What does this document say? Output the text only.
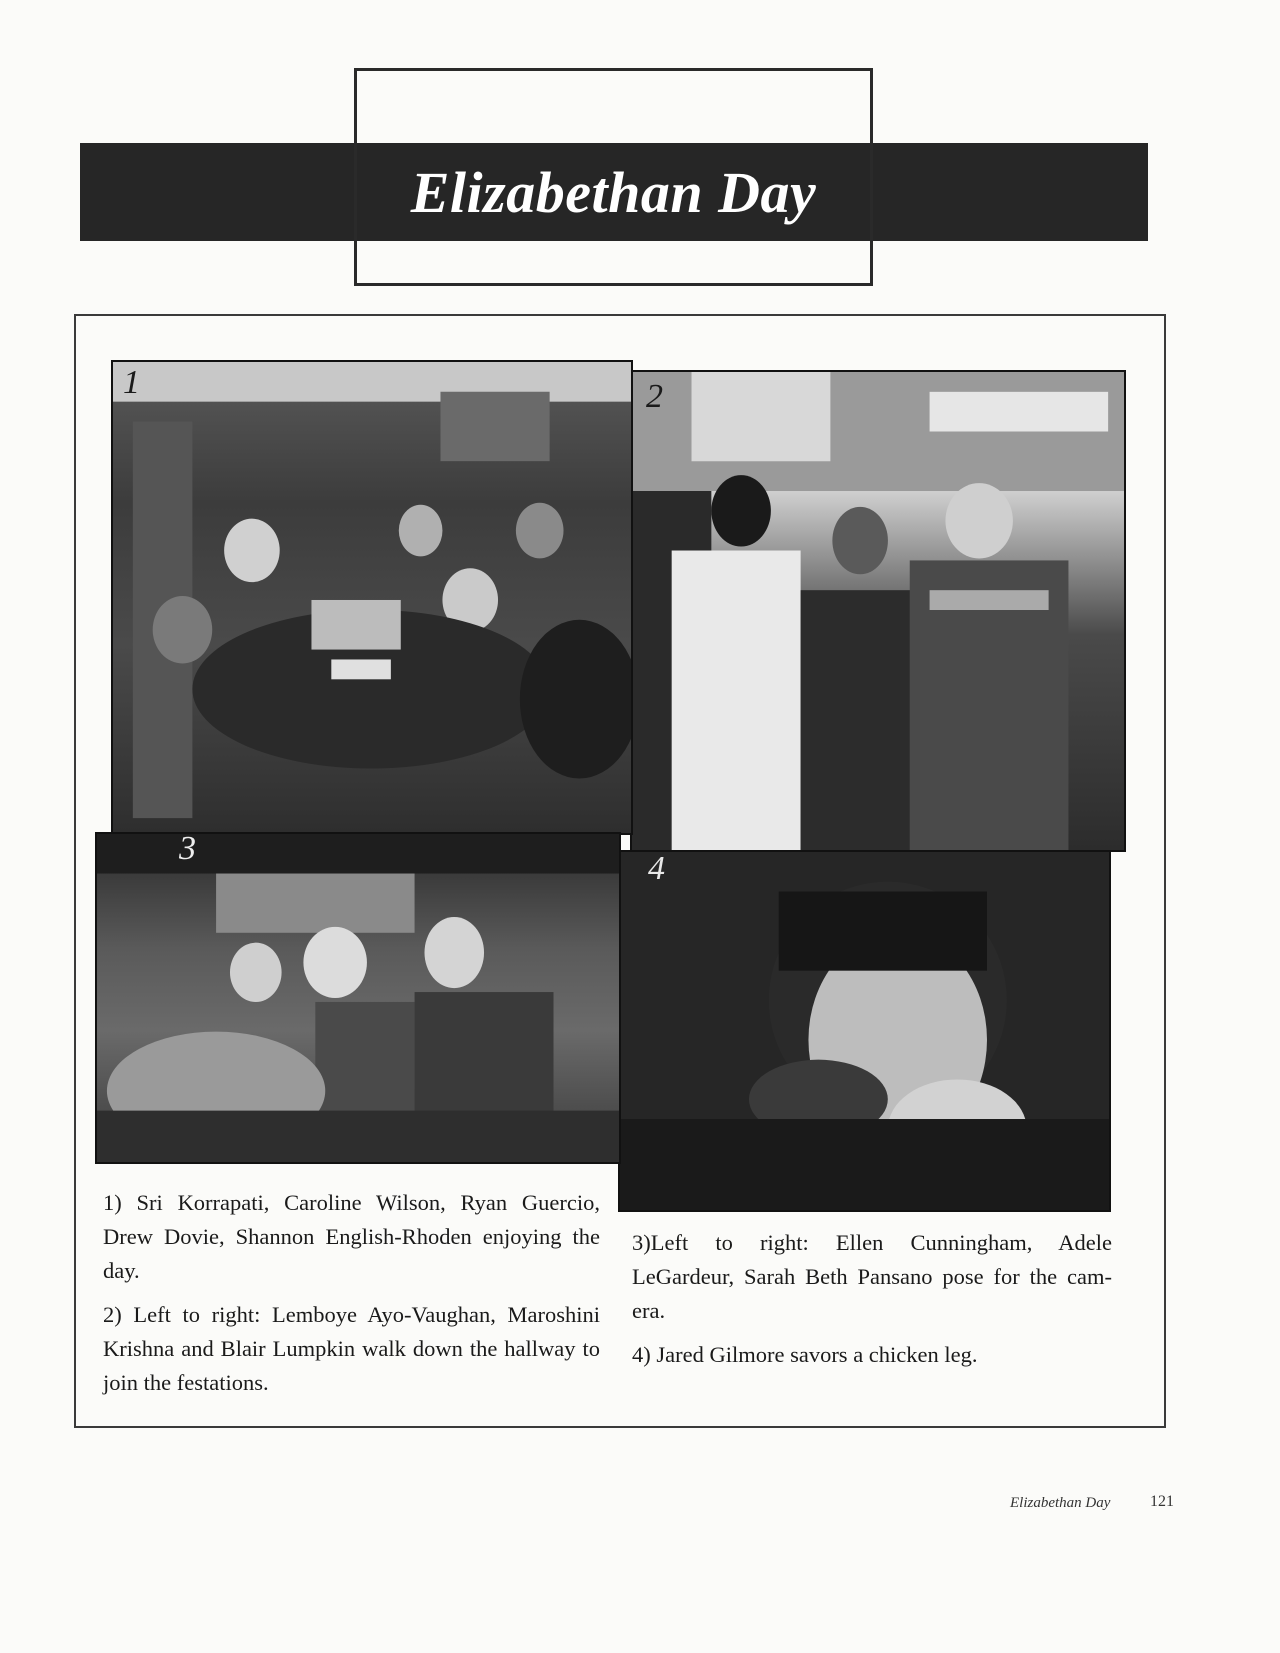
Elizabethan Day
2
1
4
3

1) Sri Korrapati, Caroline Wilson, Ryan Guercio, Drew Dovie, Shannon English-Rhoden enjoying the day.

2) Left to right: Lemboye Ayo-Vaughan, Maroshini Krishna and Blair Lumpkin walk down the hallway to join the festations.

3)Left to right: Ellen Cunningham, Adele LeGardeur, Sarah Beth Pansano pose for the cam-era.

4) Jared Gilmore savors a chicken leg.

Elizabethan Day 121
